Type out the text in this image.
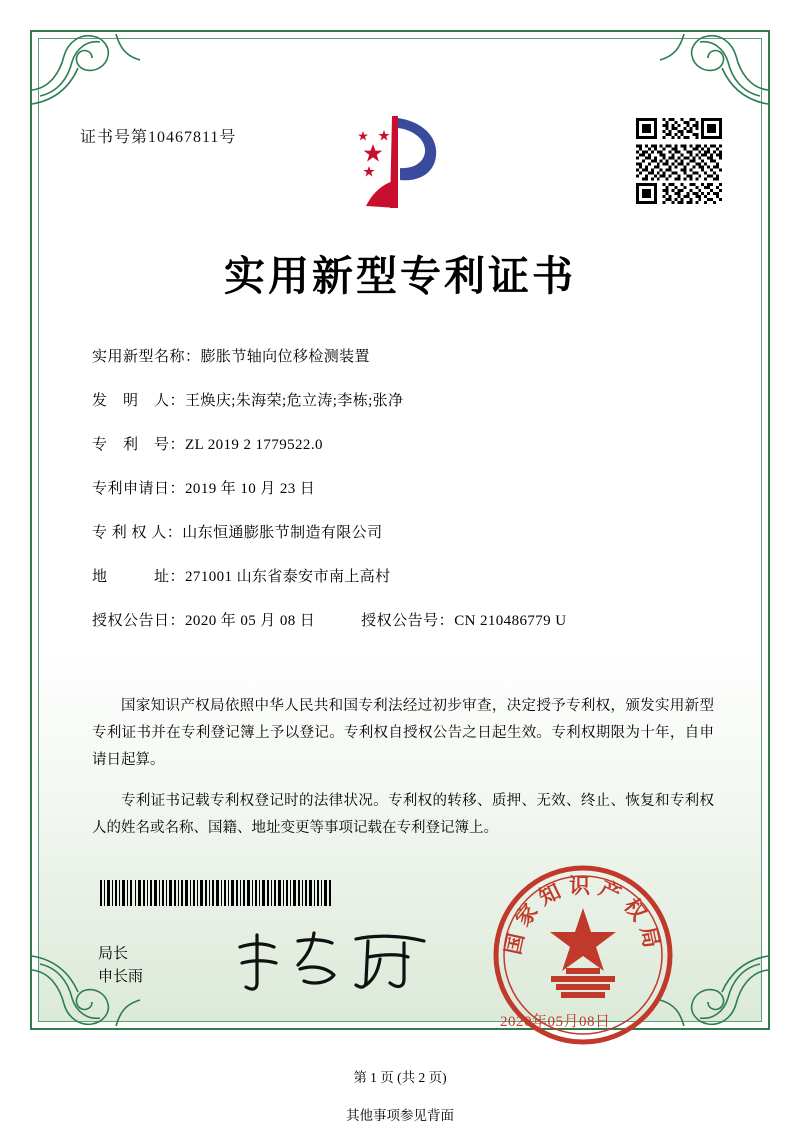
证书号第10467811号
实用新型专利证书
实用新型名称： 膨胀节轴向位移检测装置
发　明　人： 王焕庆;朱海荣;危立涛;李栋;张净
专　利　号： ZL 2019 2 1779522.0
专利申请日： 2019 年 10 月 23 日
专 利 权 人： 山东恒通膨胀节制造有限公司
地　　　址： 271001 山东省泰安市南上高村
授权公告日： 2020 年 05 月 08 日	授权公告号： CN 210486779 U

国家知识产权局依照中华人民共和国专利法经过初步审查，决定授予专利权，颁发实用新型专利证书并在专利登记簿上予以登记。专利权自授权公告之日起生效。专利权期限为十年，自申请日起算。

专利证书记载专利权登记时的法律状况。专利权的转移、质押、无效、终止、恢复和专利权人的姓名或名称、国籍、地址变更等事项记载在专利登记簿上。

局长
申长雨
国家知识产权局
2020年05月08日
第 1 页 (共 2 页)
其他事项参见背面
